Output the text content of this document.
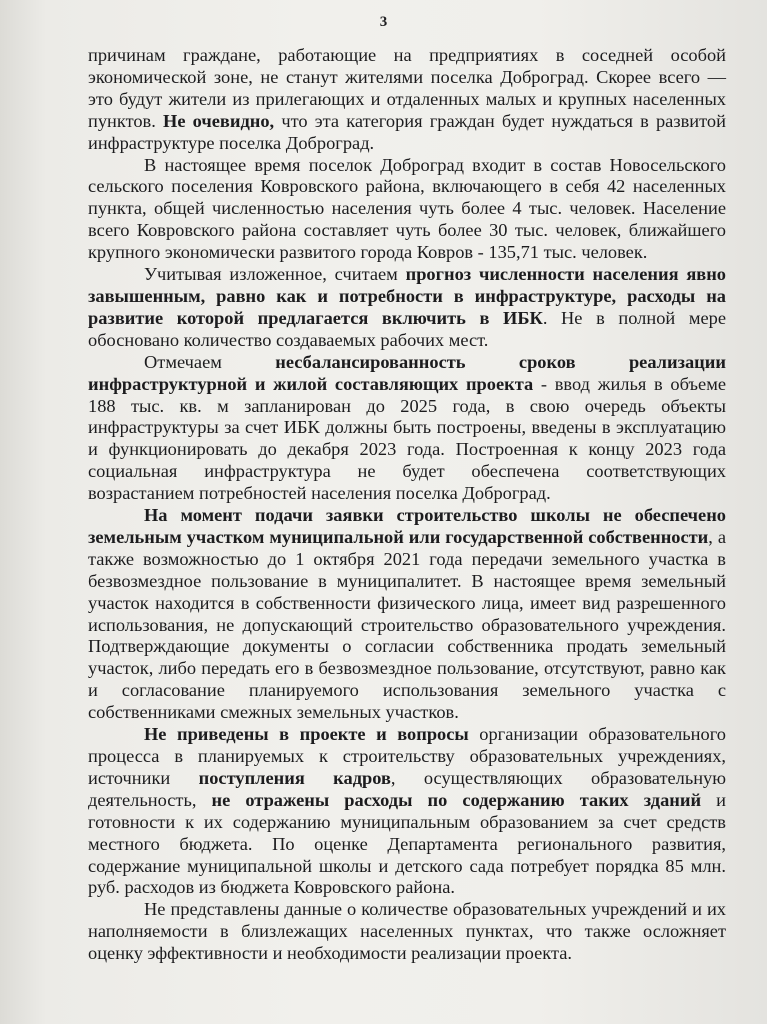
3

причинам граждане, работающие на предприятиях в соседней особой экономической зоне, не станут жителями поселка Доброград. Скорее всего — это будут жители из прилегающих и отдаленных малых и крупных населенных пунктов. Не очевидно, что эта категория граждан будет нуждаться в развитой инфраструктуре поселка Доброград.

В настоящее время поселок Доброград входит в состав Новосельского сельского поселения Ковровского района, включающего в себя 42 населенных пункта, общей численностью населения чуть более 4 тыс. человек. Население всего Ковровского района составляет чуть более 30 тыс. человек, ближайшего крупного экономически развитого города Ковров - 135,71 тыс. человек.

Учитывая изложенное, считаем прогноз численности населения явно завышенным, равно как и потребности в инфраструктуре, расходы на развитие которой предлагается включить в ИБК. Не в полной мере обосновано количество создаваемых рабочих мест.

Отмечаем несбалансированность сроков реализации инфраструктурной и жилой составляющих проекта - ввод жилья в объеме 188 тыс. кв. м запланирован до 2025 года, в свою очередь объекты инфраструктуры за счет ИБК должны быть построены, введены в эксплуатацию и функционировать до декабря 2023 года. Построенная к концу 2023 года социальная инфраструктура не будет обеспечена соответствующих возрастанием потребностей населения поселка Доброград.

На момент подачи заявки строительство школы не обеспечено земельным участком муниципальной или государственной собственности, а также возможностью до 1 октября 2021 года передачи земельного участка в безвозмездное пользование в муниципалитет. В настоящее время земельный участок находится в собственности физического лица, имеет вид разрешенного использования, не допускающий строительство образовательного учреждения. Подтверждающие документы о согласии собственника продать земельный участок, либо передать его в безвозмездное пользование, отсутствуют, равно как и согласование планируемого использования земельного участка с собственниками смежных земельных участков.

Не приведены в проекте и вопросы организации образовательного процесса в планируемых к строительству образовательных учреждениях, источники поступления кадров, осуществляющих образовательную деятельность, не отражены расходы по содержанию таких зданий и готовности к их содержанию муниципальным образованием за счет средств местного бюджета. По оценке Департамента регионального развития, содержание муниципальной школы и детского сада потребует порядка 85 млн. руб. расходов из бюджета Ковровского района.

Не представлены данные о количестве образовательных учреждений и их наполняемости в близлежащих населенных пунктах, что также осложняет оценку эффективности и необходимости реализации проекта.
